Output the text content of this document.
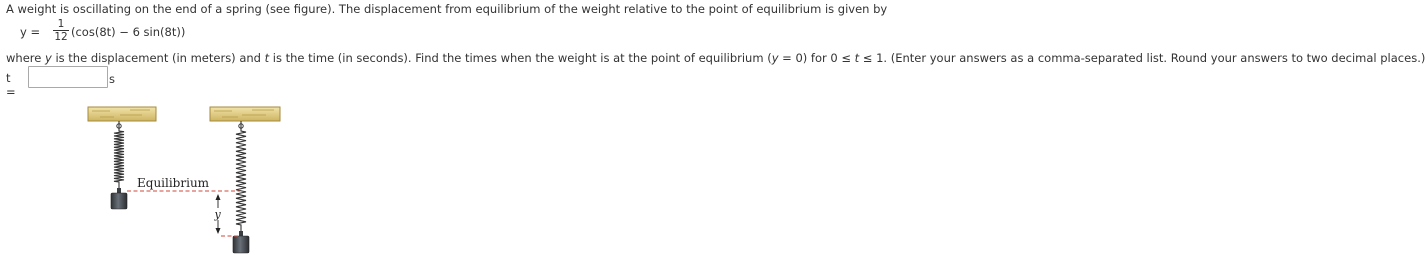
A weight is oscillating on the end of a spring (see figure). The displacement from equilibrium of the weight relative to the point of equilibrium is given by
$y = \frac{1}{12} (\cos(8t) - 6$ sin(8t))
where y is the displacement (in meters) and t is the time (in seconds). Find the times when the weight is at the point of equilibrium (y = 0) for 0 ≤ t ≤ 1. (Enter your answers as a comma-separated list. Round your answers to two decimal places.)
t =
s
Equilibrium
y
